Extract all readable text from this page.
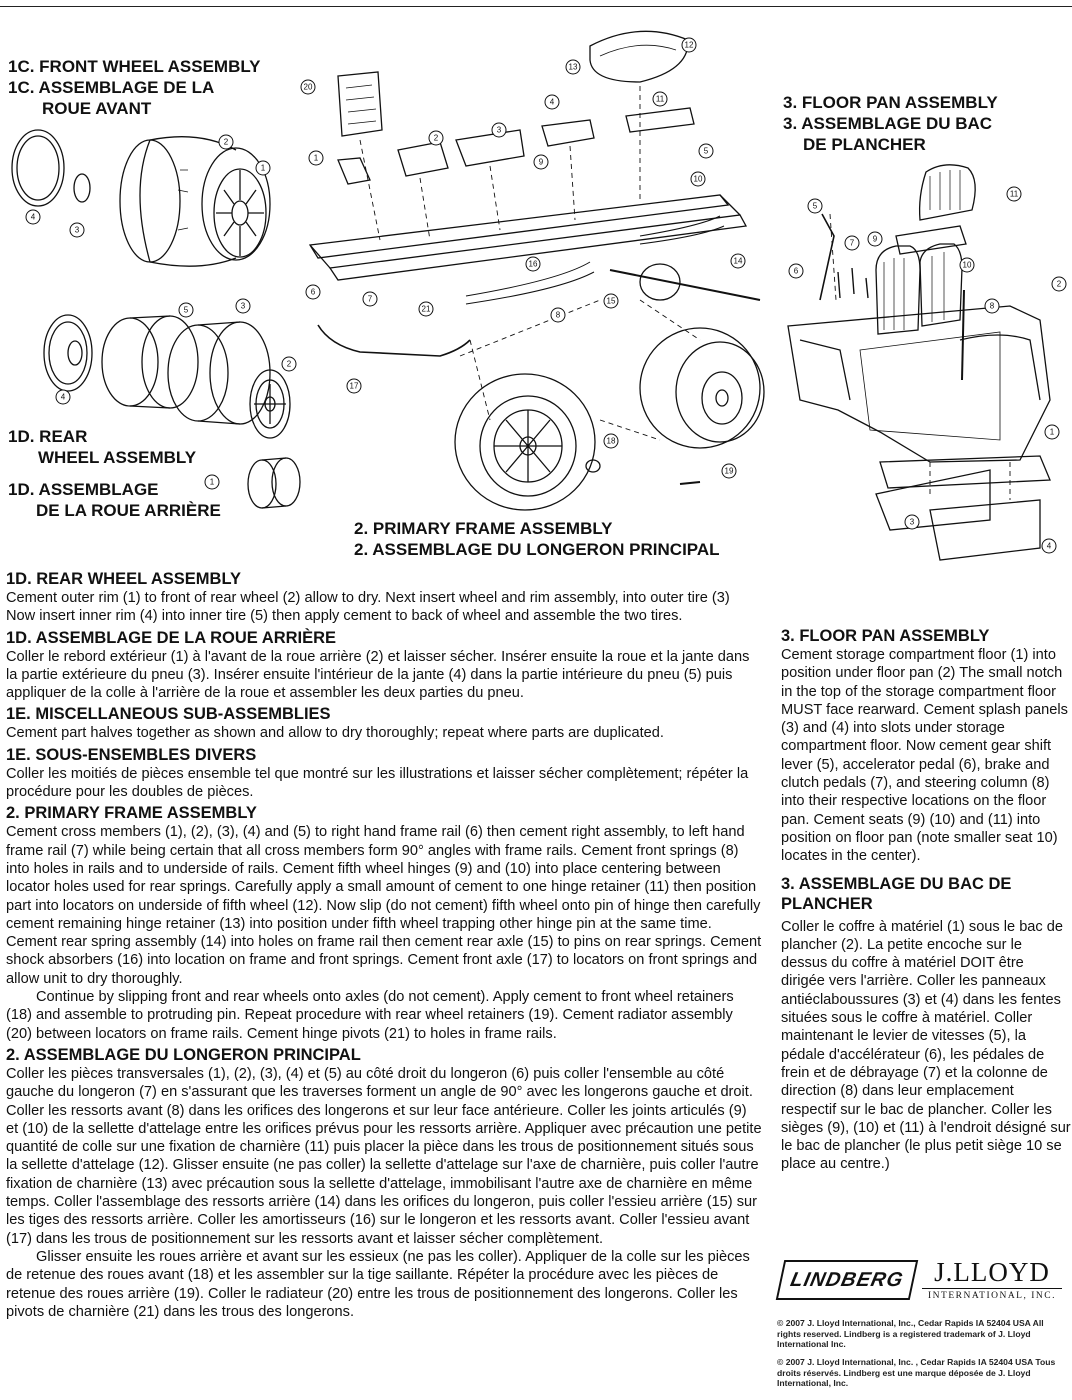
1C. FRONT WHEEL ASSEMBLY
1C. ASSEMBLAGE DE LA
ROUE AVANT
1D. REAR
WHEEL ASSEMBLY
1D. ASSEMBLAGE
DE LA ROUE ARRIÈRE
2. PRIMARY FRAME ASSEMBLY
2. ASSEMBLAGE DU LONGERON PRINCIPAL
3. FLOOR PAN ASSEMBLY
3. ASSEMBLAGE DU BAC
DE PLANCHER
1
2
3
4
1
2
3
4
5
1
2
3
4
5
6
7
8
9
10
11
12
13
14
15
16
17
18
19
20
21
1
2
3
4
5
6
7
8
9
10
11

1D. REAR WHEEL ASSEMBLY

Cement outer rim (1) to front of rear wheel (2) allow to dry. Next insert wheel and rim assembly, into outer tire (3) Now insert inner rim (4) into inner tire (5) then apply cement to back of wheel and assemble the two tires.

1D. ASSEMBLAGE DE LA ROUE ARRIÈRE

Coller le rebord extérieur (1) à l'avant de la roue arrière (2) et laisser sécher. Insérer ensuite la roue et la jante dans la partie extérieure du pneu (3). Insérer ensuite l'intérieur de la jante (4) dans la partie intérieure du pneu (5) puis appliquer de la colle à l'arrière de la roue et assembler les deux parties du pneu.

1E. MISCELLANEOUS SUB-ASSEMBLIES

Cement part halves together as shown and allow to dry thoroughly; repeat where parts are duplicated.

1E. SOUS-ENSEMBLES DIVERS

Coller les moitiés de pièces ensemble tel que montré sur les illustrations et laisser sécher complètement; répéter la procédure pour les doubles de pièces.

2. PRIMARY FRAME ASSEMBLY

Cement cross members (1), (2), (3), (4) and (5) to right hand frame rail (6) then cement right assembly, to left hand frame rail (7) while being certain that all cross members form 90° angles with frame rails. Cement front springs (8) into holes in rails and to underside of rails. Cement fifth wheel hinges (9) and (10) into place centering between locator holes used for rear springs. Carefully apply a small amount of cement to one hinge retainer (11) then position part into locators on underside of fifth wheel (12). Now slip (do not cement) fifth wheel onto pin of hinge then carefully cement remaining hinge retainer (13) into position under fifth wheel trapping other hinge pin at the same time. Cement rear spring assembly (14) into holes on frame rail then cement rear axle (15) to pins on rear springs. Cement shock absorbers (16) into location on frame and front springs. Cement front axle (17) to locators on front springs and allow unit to dry thoroughly.

Continue by slipping front and rear wheels onto axles (do not cement). Apply cement to front wheel retainers (18) and assemble to protruding pin. Repeat procedure with rear wheel retainers (19). Cement radiator assembly (20) between locators on frame rails. Cement hinge pivots (21) to holes in frame rails.

2. ASSEMBLAGE DU LONGERON PRINCIPAL

Coller les pièces transversales (1), (2), (3), (4) et (5) au côté droit du longeron (6) puis coller l'ensemble au côté gauche du longeron (7) en s'assurant que les traverses forment un angle de 90° avec les longerons gauche et droit. Coller les ressorts avant (8) dans les orifices des longerons et sur leur face antérieure. Coller les joints articulés (9) et (10) de la sellette d'attelage entre les orifices prévus pour les ressorts arrière. Appliquer avec précaution une petite quantité de colle sur une fixation de charnière (11) puis placer la pièce dans les trous de positionnement situés sous la sellette d'attelage (12). Glisser ensuite (ne pas coller) la sellette d'attelage sur l'axe de charnière, puis coller l'autre fixation de charnière (13) avec précaution sous la sellette d'attelage, immobilisant l'autre axe de charnière en même temps. Coller l'assemblage des ressorts arrière (14) dans les orifices du longeron, puis coller l'essieu arrière (15) sur les tiges des ressorts arrière. Coller les amortisseurs (16) sur le longeron et les ressorts avant. Coller l'essieu avant (17) dans les trous de positionnement sur les ressorts avant et laisser sécher complètement.

Glisser ensuite les roues arrière et avant sur les essieux (ne pas les coller). Appliquer de la colle sur les pièces de retenue des roues avant (18) et les assembler sur la tige saillante. Répéter la procédure avec les pièces de retenue des roues arrière (19). Coller le radiateur (20) entre les trous de positionnement des longerons. Coller les pivots de charnière (21) dans les trous des longerons.

3. FLOOR PAN ASSEMBLY

Cement storage compartment floor (1) into position under floor pan (2) The small notch in the top of the storage compartment floor MUST face rearward. Cement splash panels (3) and (4) into slots under storage compartment floor. Now cement gear shift lever (5), accelerator pedal (6), brake and clutch pedals (7), and steering column (8) into their respective locations on the floor pan. Cement seats (9) (10) and (11) into position on floor pan (note smaller seat 10) locates in the center).

3. ASSEMBLAGE DU BAC DE PLANCHER

Coller le coffre à matériel (1) sous le bac de plancher (2). La petite encoche sur le dessus du coffre à matériel DOIT être dirigée vers l'arrière. Coller les panneaux antiéclaboussures (3) et (4) dans les fentes situées sous le coffre à matériel. Coller maintenant le levier de vitesses (5), la pédale d'accélérateur (6), les pédales de frein et de débrayage (7) et la colonne de direction (8) dans leur emplacement

respectif sur le bac de plancher. Coller les sièges (9), (10) et (11) à l'endroit désigné sur le bac de plancher (le plus petit siège 10 se place au centre.)

LINDBERG	J.LLOYD
INTERNATIONAL, INC.
© 2007 J. Lloyd International, Inc., Cedar Rapids IA 52404 USA All rights reserved. Lindberg is a registered trademark of J. Lloyd International Inc.
© 2007 J. Lloyd International, Inc. , Cedar Rapids IA 52404 USA Tous droits réservés. Lindberg est une marque déposée de J. Lloyd International, Inc.
